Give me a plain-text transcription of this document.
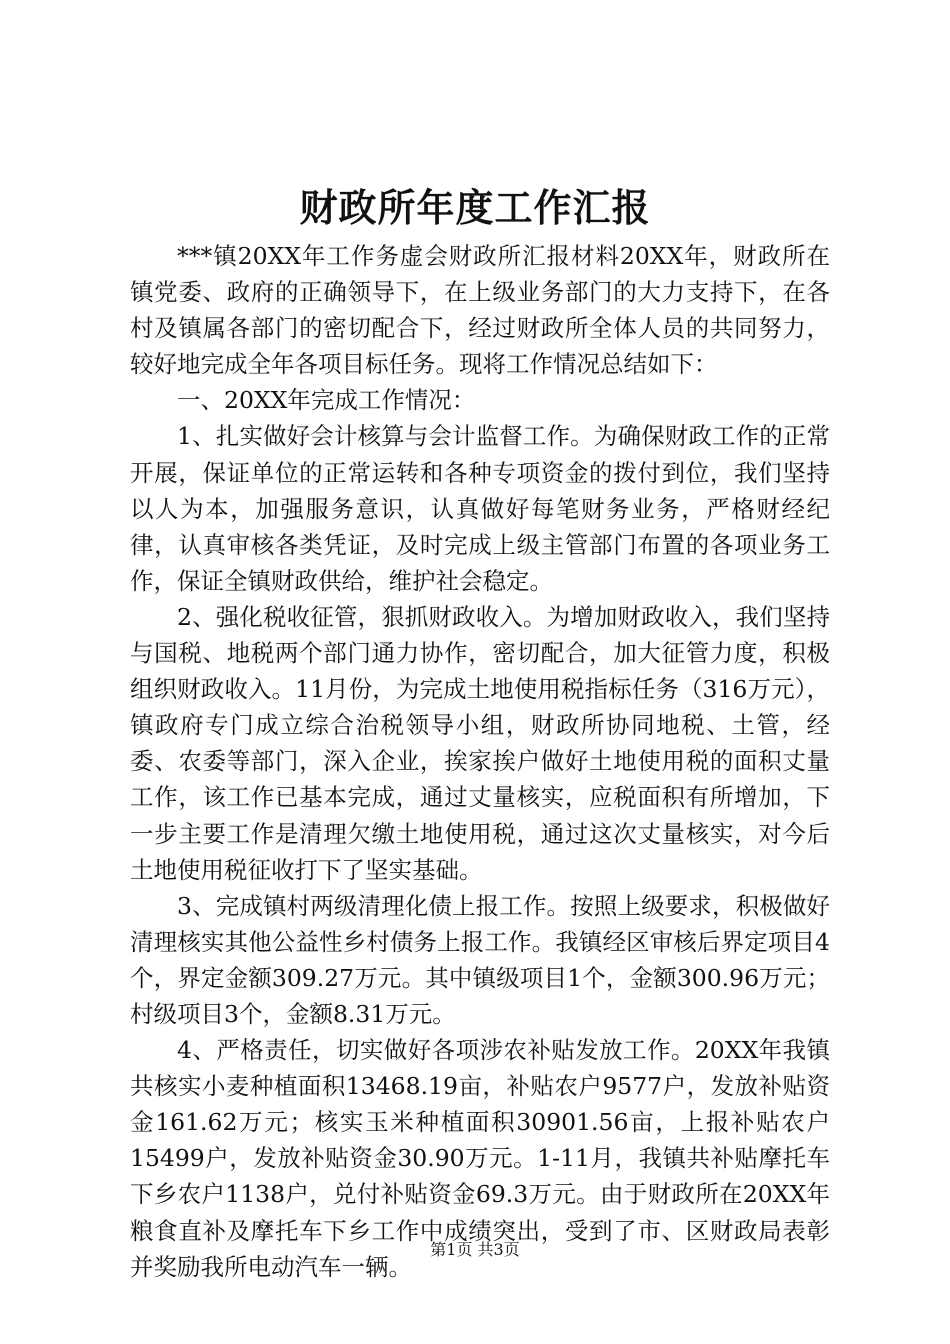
财政所年度工作汇报

***镇20XX年工作务虚会财政所汇报材料20XX年，财政所在镇党委、政府的正确领导下，在上级业务部门的大力支持下，在各村及镇属各部门的密切配合下，经过财政所全体人员的共同努力，较好地完成全年各项目标任务。现将工作情况总结如下：

一、20XX年完成工作情况：

1、扎实做好会计核算与会计监督工作。为确保财政工作的正常开展，保证单位的正常运转和各种专项资金的拨付到位，我们坚持以人为本，加强服务意识，认真做好每笔财务业务，严格财经纪律，认真审核各类凭证，及时完成上级主管部门布置的各项业务工作，保证全镇财政供给，维护社会稳定。

2、强化税收征管，狠抓财政收入。为增加财政收入，我们坚持与国税、地税两个部门通力协作，密切配合，加大征管力度，积极组织财政收入。11月份，为完成土地使用税指标任务（316万元），镇政府专门成立综合治税领导小组，财政所协同地税、土管，经委、农委等部门，深入企业，挨家挨户做好土地使用税的面积丈量工作，该工作已基本完成，通过丈量核实，应税面积有所增加，下一步主要工作是清理欠缴土地使用税，通过这次丈量核实，对今后土地使用税征收打下了坚实基础。

3、完成镇村两级清理化债上报工作。按照上级要求，积极做好清理核实其他公益性乡村债务上报工作。我镇经区审核后界定项目4个，界定金额309.27万元。其中镇级项目1个，金额300.96万元；村级项目3个，金额8.31万元。

4、严格责任，切实做好各项涉农补贴发放工作。20XX年我镇共核实小麦种植面积13468.19亩，补贴农户9577户，发放补贴资金161.62万元；核实玉米种植面积30901.56亩，上报补贴农户15499户，发放补贴资金30.90万元。1-11月，我镇共补贴摩托车下乡农户1138户，兑付补贴资金69.3万元。由于财政所在20XX年粮食直补及摩托车下乡工作中成绩突出，受到了市、区财政局表彰并奖励我所电动汽车一辆。

第1页 共3页
